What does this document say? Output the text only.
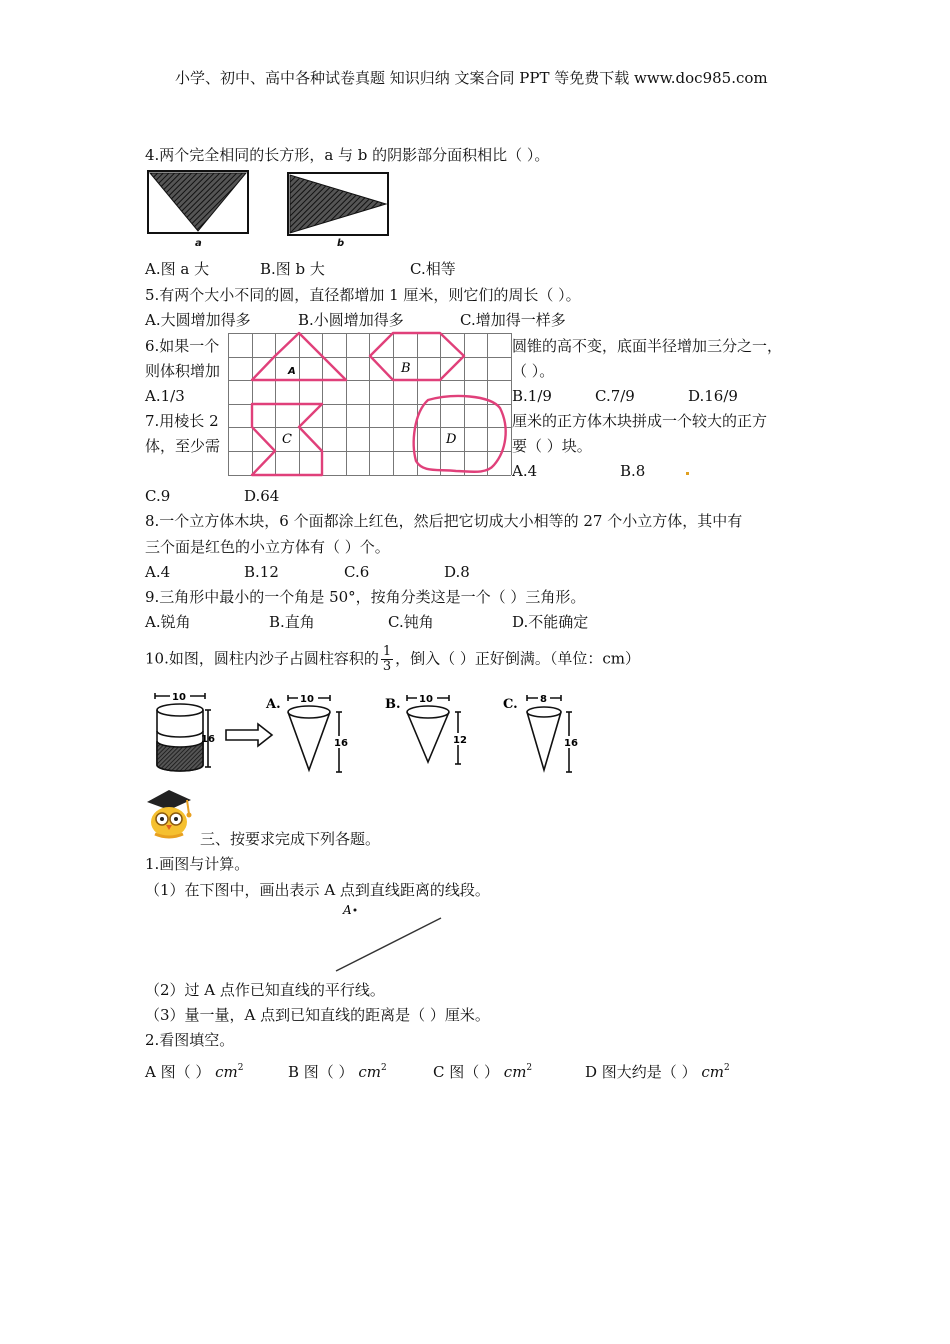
小学、初中、高中各种试卷真题 知识归纳 文案合同 PPT 等免费下载 www.doc985.com
4.两个完全相同的长方形，a 与 b 的阴影部分面积相比（ ）。
a	b
A.图 a 大	B.图 b 大	C.相等
5.有两个大小不同的圆，直径都增加 1 厘米，则它们的周长（ ）。
A.大圆增加得多	B.小圆增加得多	C.增加得一样多
A	B
C	D
6.如果一个	圆锥的高不变，底面半径增加三分之一，
则体积增加	（ ）。
A.1/3	B.1/9	C.7/9	D.16/9
7.用棱长 2	厘米的正方体木块拼成一个较大的正方
体，至少需	要（ ）块。
A.4	B.8
C.9	D.64
8.一个立方体木块，6 个面都涂上红色，然后把它切成大小相等的 27 个小立方体，其中有
三个面是红色的小立方体有（ ）个。
A.4	B.12	C.6	D.8
9.三角形中最小的一个角是 50°，按角分类这是一个（ ）三角形。
A.锐角	B.直角	C.钝角	D.不能确定
10.如图，圆柱内沙子占圆柱容积的 $\frac{1}{3}$ ，倒入（ ）正好倒满。（单位：cm）
10
16
A. 10
16
B. 10
12
C. 8
16
三、按要求完成下列各题。
1.画图与计算。
（1）在下图中，画出表示 A 点到直线距离的线段。
A
（2）过 A 点作已知直线的平行线。
（3）量一量，A 点到已知直线的距离是（ ）厘米。
2.看图填空。
A 图（ ） $cm^2$	B 图（ ） $cm^2$	C 图（ ） $cm^2$	D 图大约是（ ） $cm^2$
